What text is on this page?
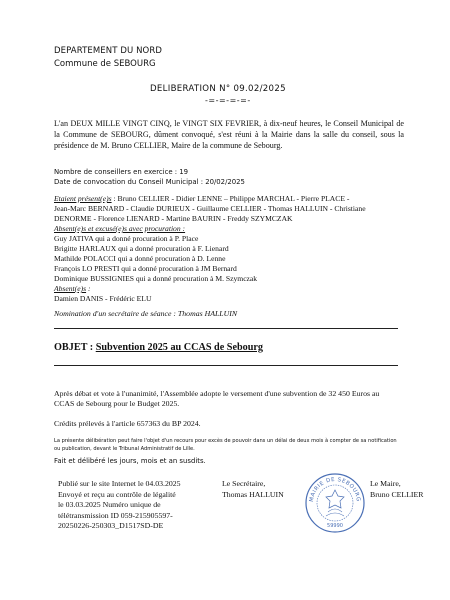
DEPARTEMENT DU NORD
Commune de SEBOURG
DELIBERATION N° 09.02/2025
-=-=-=-=-
L'an DEUX MILLE VINGT CINQ, le VINGT SIX FEVRIER, à dix-neuf heures, le Conseil Municipal de la Commune de SEBOURG, dûment convoqué, s'est réuni à la Mairie dans la salle du conseil, sous la présidence de M. Bruno CELLIER, Maire de la commune de Sebourg.
Nombre de conseillers en exercice : 19
Date de convocation du Conseil Municipal : 20/02/2025
Etaient présent(e)s : Bruno CELLIER - Didier LENNE – Philippe MARCHAL - Pierre PLACE -
Jean-Marc BERNARD - Claudie DURIEUX - Guillaume CELLIER - Thomas HALLUIN - Christiane
DENORME - Florence LIENARD - Martine BAURIN - Freddy SZYMCZAK
Absent(e)s et excusé(e)s avec procuration :
Guy JATIVA qui a donné procuration à P. Place
Brigitte HARLAUX qui a donné procuration à F. Lienard
Mathilde POLACCI qui a donné procuration à D. Lenne
François LO PRESTI qui a donné procuration à JM Bernard
Dominique BUSSIGNIES qui a donné procuration à M. Szymczak
Absent(e)s :
Damien DANIS - Frédéric ELU
Nomination d'un secrétaire de séance : Thomas HALLUIN
OBJET : Subvention 2025 au CCAS de Sebourg
Après débat et vote à l'unanimité, l'Assemblée adopte le versement d'une subvention de 32 450 Euros au CCAS de Sebourg pour le Budget 2025.
Crédits prélevés à l'article 657363 du BP 2024.
La présente délibération peut faire l'objet d'un recours pour excès de pouvoir dans un délai de deux mois à compter de sa notification ou publication, devant le Tribunal Administratif de Lille.
Fait et délibéré les jours, mois et an susdits.
Publié sur le site Internet le 04.03.2025
Envoyé et reçu au contrôle de légalité
le 03.03.2025 Numéro unique de
télétransmission ID 059-215905597-
20250226-250303_D1517SD-DE
Le Secrétaire,
Thomas HALLUIN
MAIRIE DE SEBOURG
59990
Le Maire,
Bruno CELLIER
